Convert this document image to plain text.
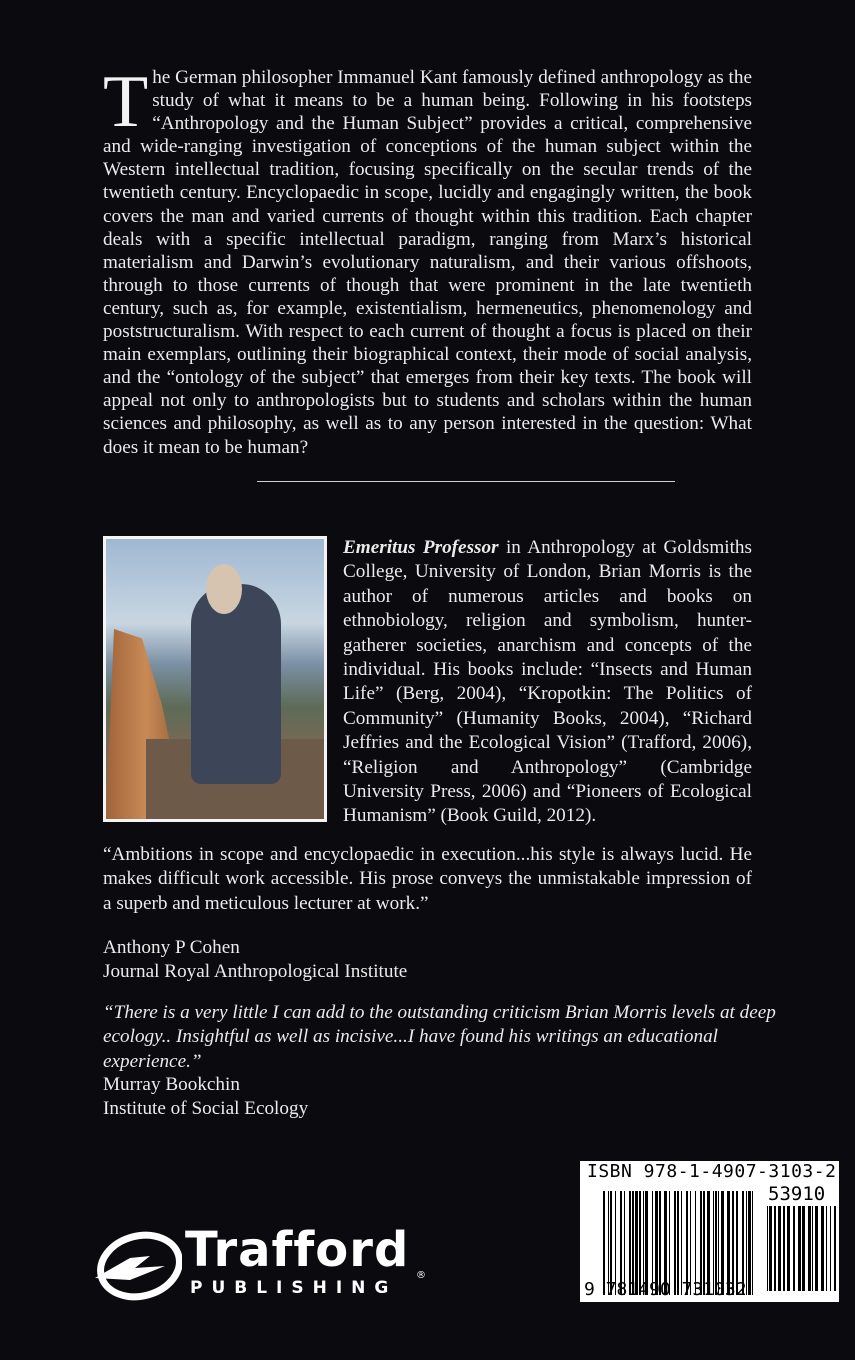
The German philosopher Immanuel Kant famously defined anthropology as the study of what it means to be a human being. Following in his footsteps “Anthropology and the Human Subject” provides a critical, comprehensive and wide-ranging investigation of conceptions of the human subject within the Western intellectual tradition, focusing specifically on the secular trends of the twentieth century. Encyclopaedic in scope, lucidly and engagingly written, the book covers the man and varied currents of thought within this tradition. Each chapter deals with a specific intellectual paradigm, ranging from Marx’s historical materialism and Darwin’s evolutionary naturalism, and their various offshoots, through to those currents of though that were prominent in the late twentieth century, such as, for example, existentialism, hermeneutics, phenomenology and poststructuralism. With respect to each current of thought a focus is placed on their main exemplars, outlining their biographical context, their mode of social analysis, and the “ontology of the subject” that emerges from their key texts. The book will appeal not only to anthropologists but to students and scholars within the human sciences and philosophy, as well as to any person interested in the question: What does it mean to be human?
Emeritus Professor in Anthropology at Goldsmiths College, University of London, Brian Morris is the author of numerous articles and books on ethnobiology, religion and symbolism, hunter-gatherer societies, anarchism and concepts of the individual. His books include: “Insects and Human Life” (Berg, 2004), “Kropotkin: The Politics of Community” (Humanity Books, 2004), “Richard Jeffries and the Ecological Vision” (Trafford, 2006), “Religion and Anthropology” (Cambridge University Press, 2006) and “Pioneers of Ecological Humanism” (Book Guild, 2012).
“Ambitions in scope and encyclopaedic in execution...his style is always lucid. He makes difficult work accessible. His prose conveys the unmistakable impression of a superb and meticulous lecturer at work.”
Anthony P Cohen
Journal Royal Anthropological Institute
“There is a very little I can add to the outstanding criticism Brian Morris levels at deep ecology.. Insightful as well as incisive...I have found his writings an educational experience.”
Murray Bookchin
Institute of Social Ecology
Trafford
PUBLISHING
®
ISBN 978-1-4907-3103-2
53910
9 781490 731032
